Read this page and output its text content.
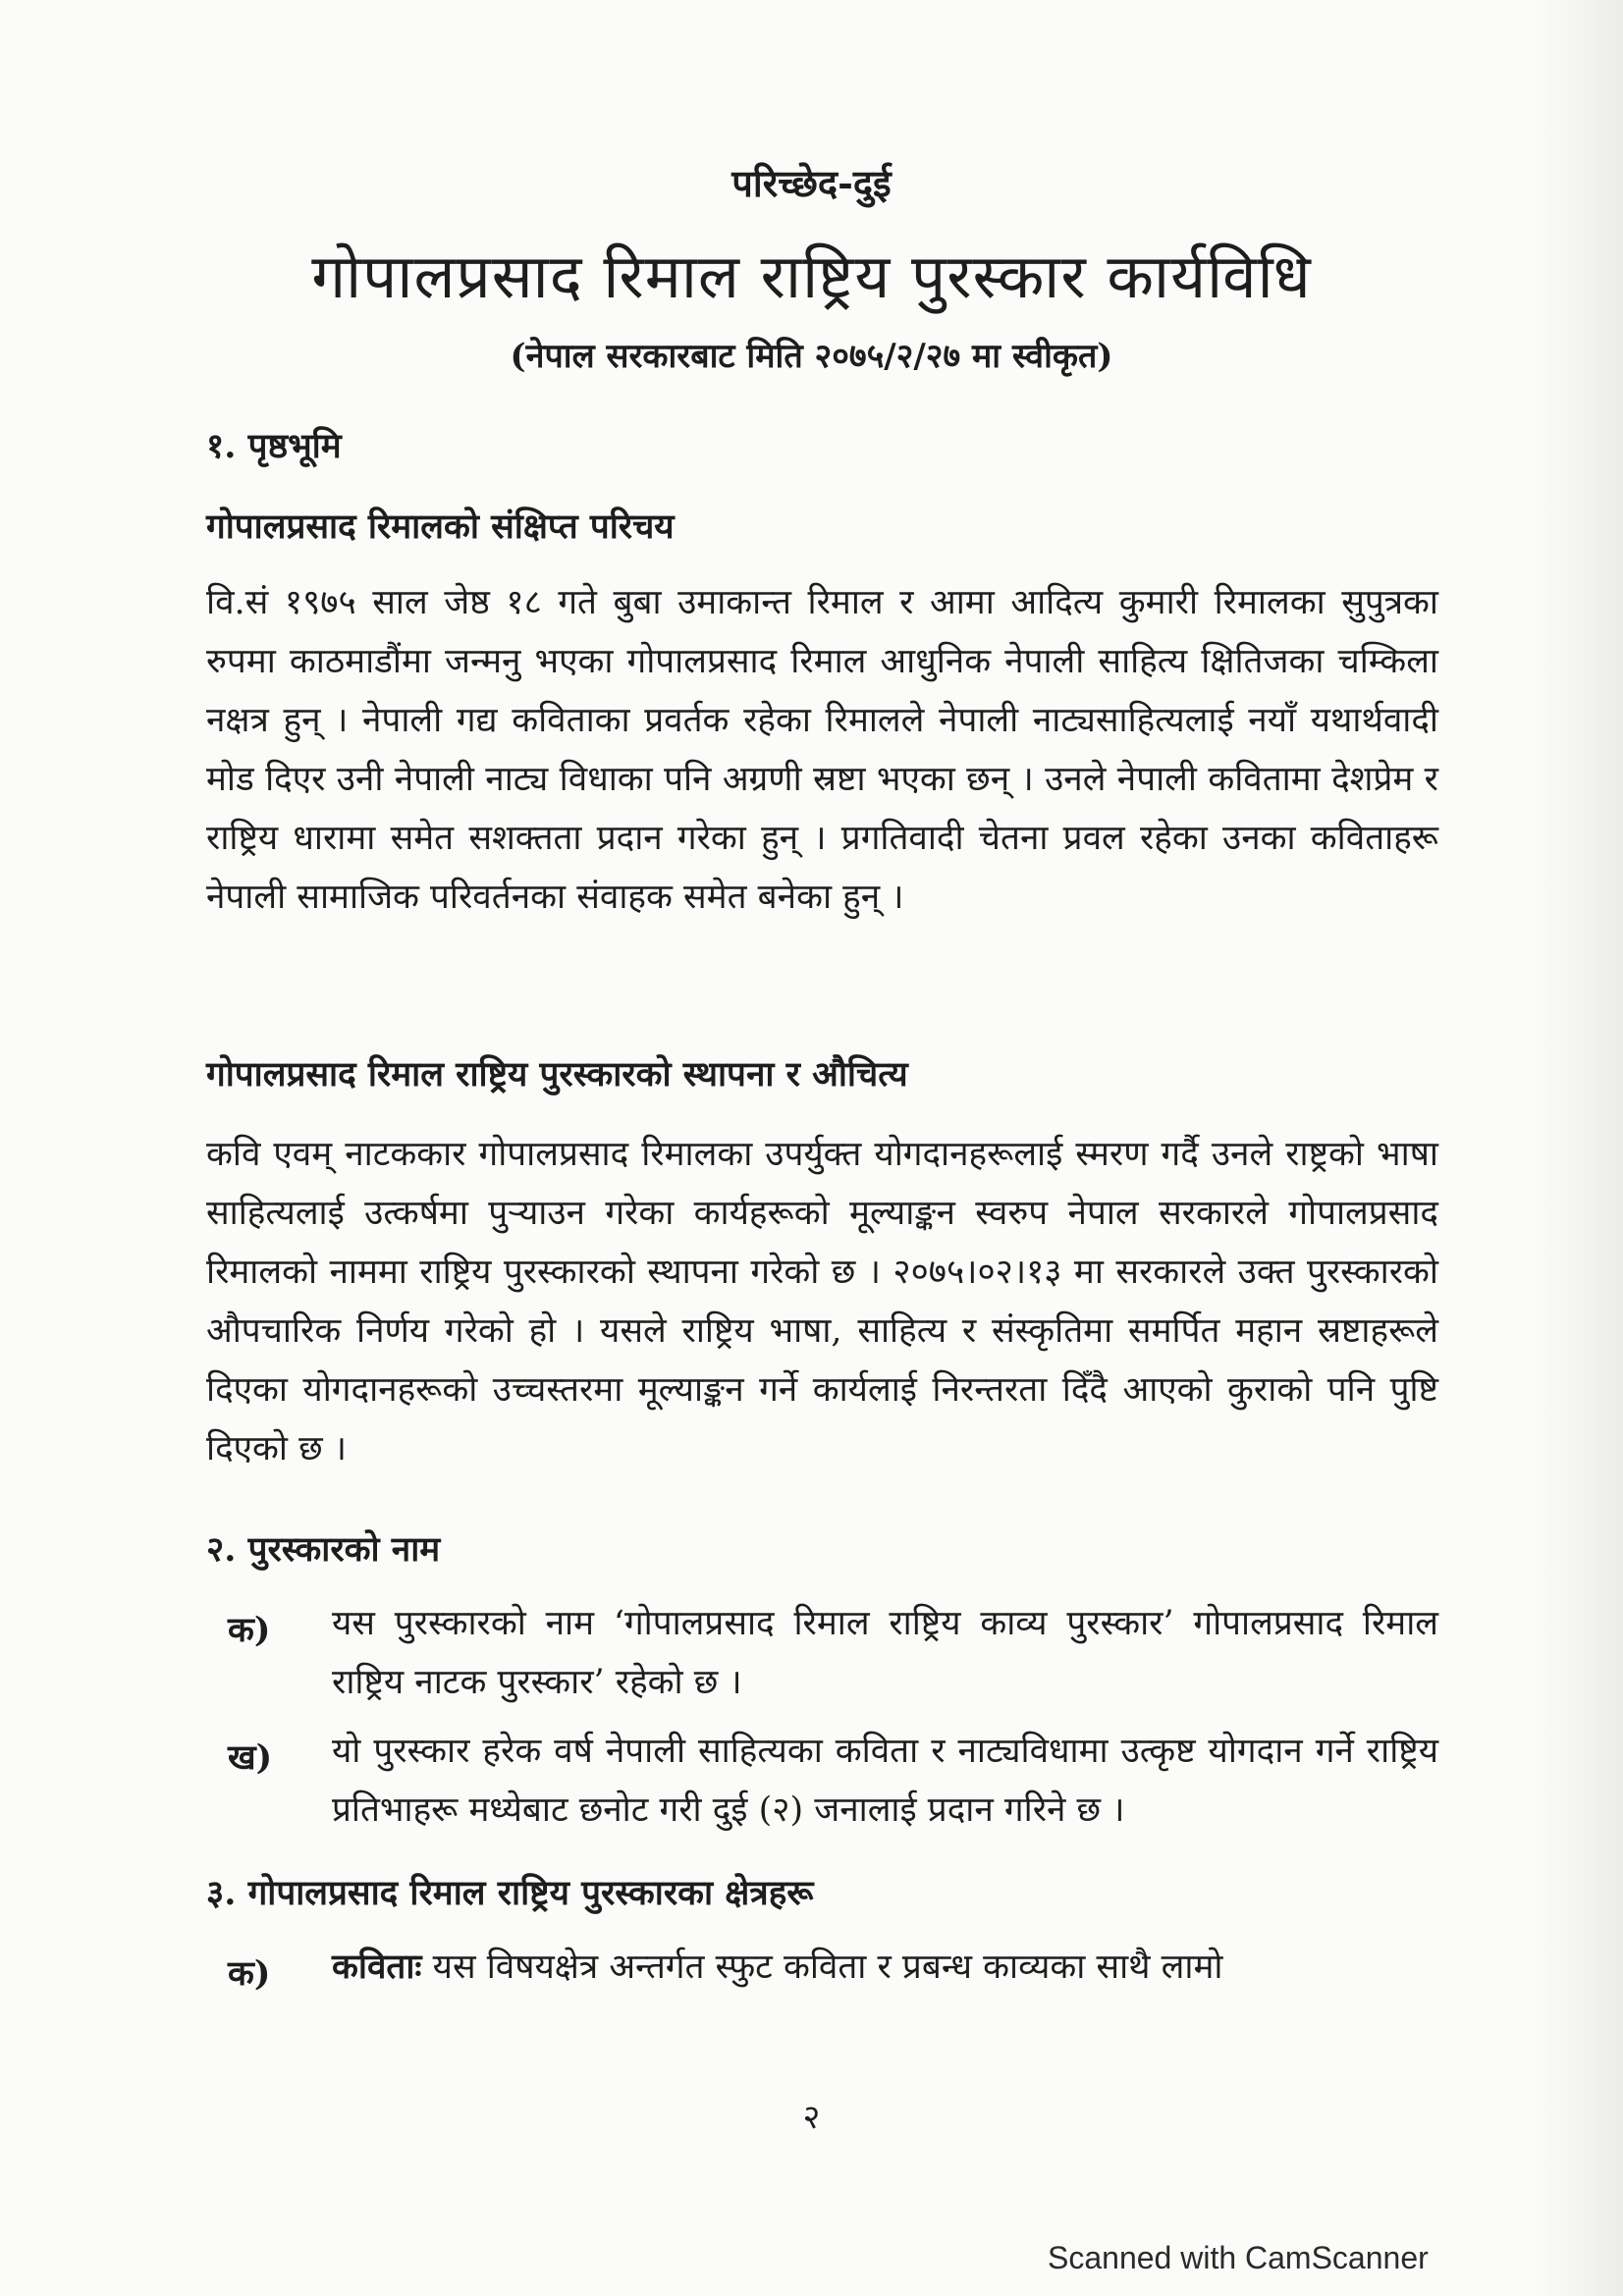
परिच्छेद-दुई
गोपालप्रसाद रिमाल राष्ट्रिय पुरस्कार कार्यविधि
(नेपाल सरकारबाट मिति २०७५/२/२७ मा स्वीकृत)
१. पृष्ठभूमि
गोपालप्रसाद रिमालको संक्षिप्त परिचय
वि.सं १९७५ साल जेष्ठ १८ गते बुबा उमाकान्त रिमाल र आमा आदित्य कुमारी रिमालका सुपुत्रका रुपमा काठमाडौंमा जन्मनु भएका गोपालप्रसाद रिमाल आधुनिक नेपाली साहित्य क्षितिजका चम्किला नक्षत्र हुन् । नेपाली गद्य कविताका प्रवर्तक रहेका रिमालले नेपाली नाट्यसाहित्यलाई नयाँ यथार्थवादी मोड दिएर उनी नेपाली नाट्य विधाका पनि अग्रणी स्रष्टा भएका छन् । उनले नेपाली कवितामा देशप्रेम र राष्ट्रिय धारामा समेत सशक्तता प्रदान गरेका हुन् । प्रगतिवादी चेतना प्रवल रहेका उनका कविताहरू नेपाली सामाजिक परिवर्तनका संवाहक समेत बनेका हुन् ।
गोपालप्रसाद रिमाल राष्ट्रिय पुरस्कारको स्थापना र औचित्य
कवि एवम् नाटककार गोपालप्रसाद रिमालका उपर्युक्त योगदानहरूलाई स्मरण गर्दै उनले राष्ट्रको भाषा साहित्यलाई उत्कर्षमा पुऱ्याउन गरेका कार्यहरूको मूल्याङ्कन स्वरुप नेपाल सरकारले गोपालप्रसाद रिमालको नाममा राष्ट्रिय पुरस्कारको स्थापना गरेको छ । २०७५।०२।१३ मा सरकारले उक्त पुरस्कारको औपचारिक निर्णय गरेको हो । यसले राष्ट्रिय भाषा, साहित्य र संस्कृतिमा समर्पित महान स्रष्टाहरूले दिएका योगदानहरूको उच्चस्तरमा मूल्याङ्कन गर्ने कार्यलाई निरन्तरता दिँदै आएको कुराको पनि पुष्टि दिएको छ ।
२. पुरस्कारको नाम
क) यस पुरस्कारको नाम ‘गोपालप्रसाद रिमाल राष्ट्रिय काव्य पुरस्कार’ गोपालप्रसाद रिमाल राष्ट्रिय नाटक पुरस्कार’ रहेको छ ।
ख) यो पुरस्कार हरेक वर्ष नेपाली साहित्यका कविता र नाट्यविधामा उत्कृष्ट योगदान गर्ने राष्ट्रिय प्रतिभाहरू मध्येबाट छनोट गरी दुई (२) जनालाई प्रदान गरिने छ ।
३. गोपालप्रसाद रिमाल राष्ट्रिय पुरस्कारका क्षेत्रहरू
क) कविताः यस विषयक्षेत्र अन्तर्गत स्फुट कविता र प्रबन्ध काव्यका साथै लामो
२
Scanned with CamScanner
